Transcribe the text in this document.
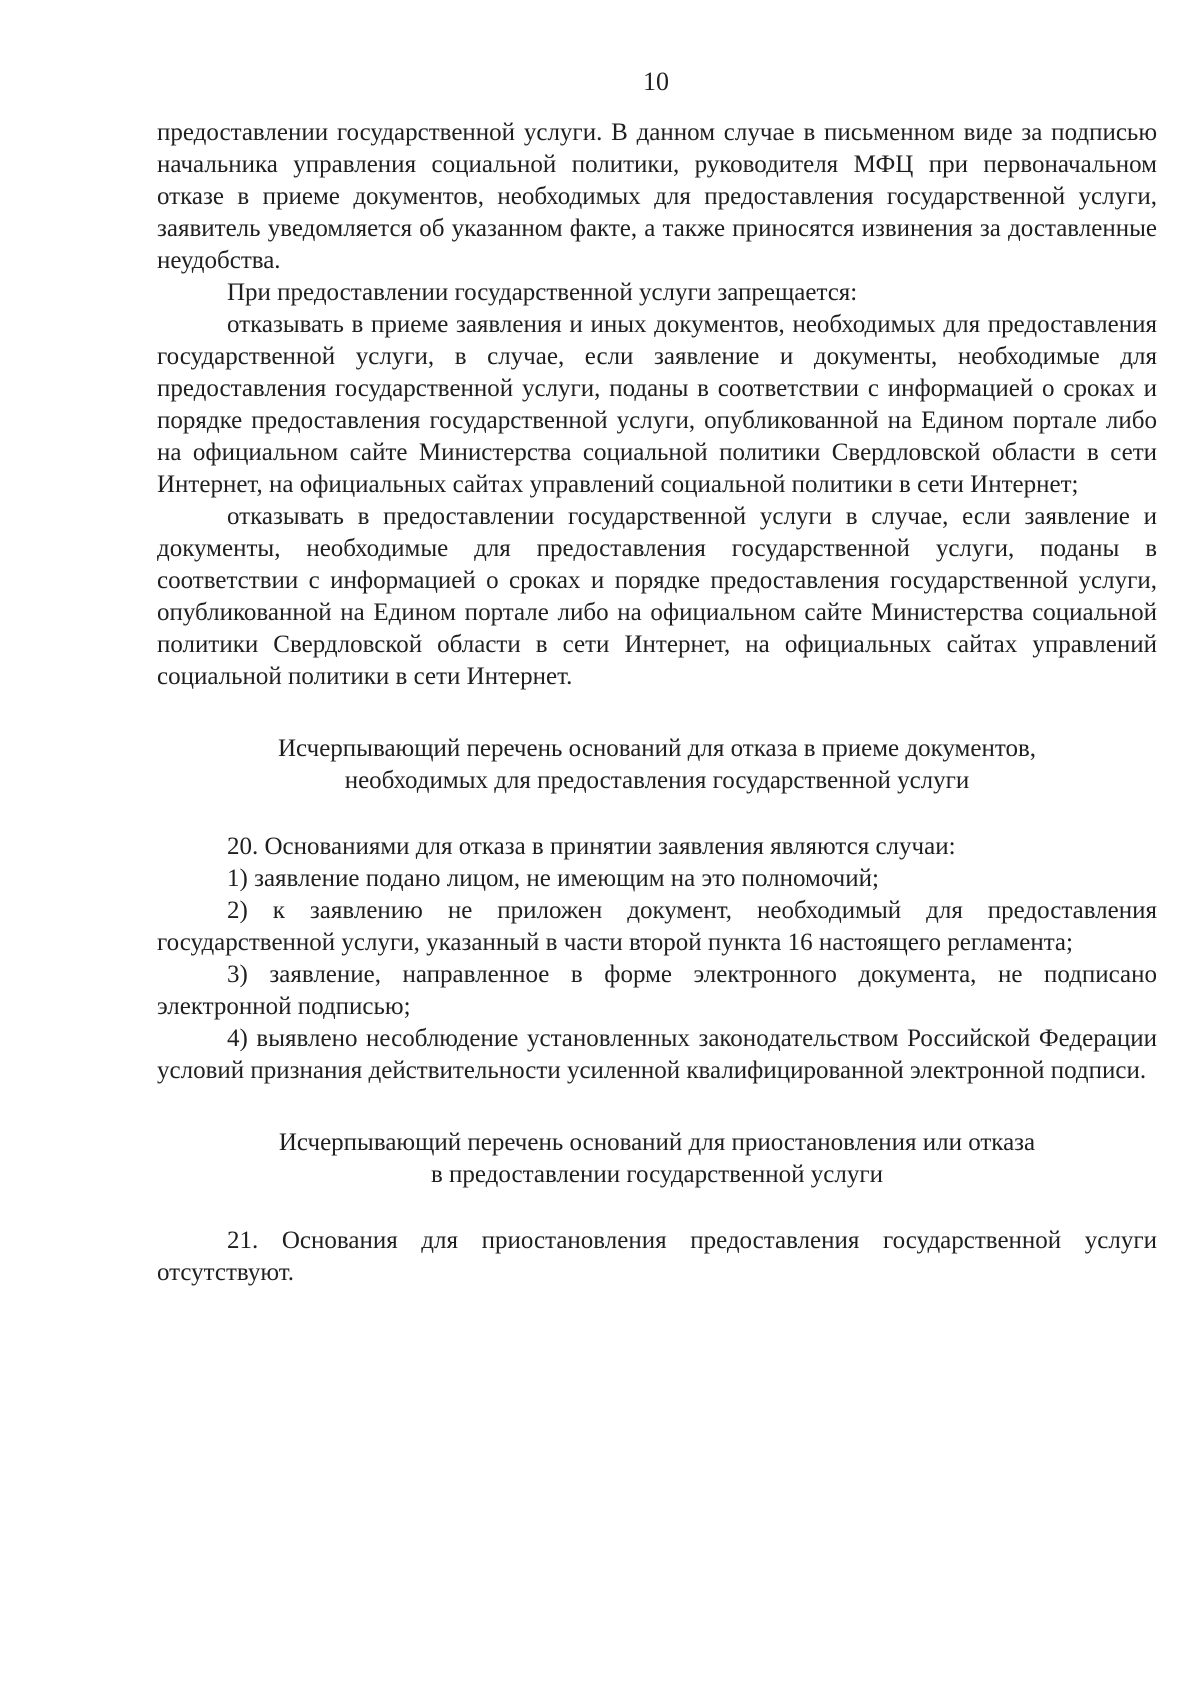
10

предоставлении государственной услуги. В данном случае в письменном виде за подписью начальника управления социальной политики, руководителя МФЦ при первоначальном отказе в приеме документов, необходимых для предоставления государственной услуги, заявитель уведомляется об указанном факте, а также приносятся извинения за доставленные неудобства.

При предоставлении государственной услуги запрещается:

отказывать в приеме заявления и иных документов, необходимых для предоставления государственной услуги, в случае, если заявление и документы, необходимые для предоставления государственной услуги, поданы в соответствии с информацией о сроках и порядке предоставления государственной услуги, опубликованной на Едином портале либо на официальном сайте Министерства социальной политики Свердловской области в сети Интернет, на официальных сайтах управлений социальной политики в сети Интернет;

отказывать в предоставлении государственной услуги в случае, если заявление и документы, необходимые для предоставления государственной услуги, поданы в соответствии с информацией о сроках и порядке предоставления государственной услуги, опубликованной на Едином портале либо на официальном сайте Министерства социальной политики Свердловской области в сети Интернет, на официальных сайтах управлений социальной политики в сети Интернет.

Исчерпывающий перечень оснований для отказа в приеме документов,

необходимых для предоставления государственной услуги

20. Основаниями для отказа в принятии заявления являются случаи:

1) заявление подано лицом, не имеющим на это полномочий;

2) к заявлению не приложен документ, необходимый для предоставления государственной услуги, указанный в части второй пункта 16 настоящего регламента;

3) заявление, направленное в форме электронного документа, не подписано электронной подписью;

4) выявлено несоблюдение установленных законодательством Российской Федерации условий признания действительности усиленной квалифицированной электронной подписи.

Исчерпывающий перечень оснований для приостановления или отказа

в предоставлении государственной услуги

21. Основания для приостановления предоставления государственной услуги отсутствуют.
